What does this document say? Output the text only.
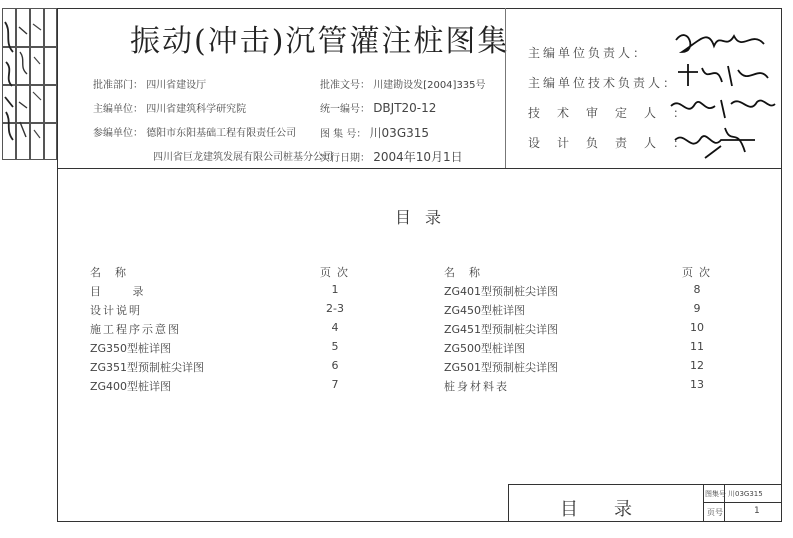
振动(冲击)沉管灌注桩图集
批准部门： 四川省建设厅
主编单位： 四川省建筑科学研究院
参编单位： 德阳市东阳基础工程有限责任公司
四川省巨龙建筑发展有限公司桩基分公司
批准文号： 川建勘设发[2004]335号
统一编号： DBJT20-12
图 集 号： 川03G315
实行日期： 2004年10月1日
主编单位负责人：
主编单位技术负责人：
技术审定人：
设计负责人：
目录
名称	页次	名称	页次
目 录	1
设计说明	2-3
施工程序示意图	4
ZG350型桩详图	5
ZG351型预制桩尖详图	6
ZG400型桩详图	7
ZG401型预制桩尖详图	8
ZG450型桩详图	9
ZG451型预制桩尖详图	10
ZG500型桩详图	11
ZG501型预制桩尖详图	12
桩身材料表	13
目录
图集号 川03G315
页号	1
